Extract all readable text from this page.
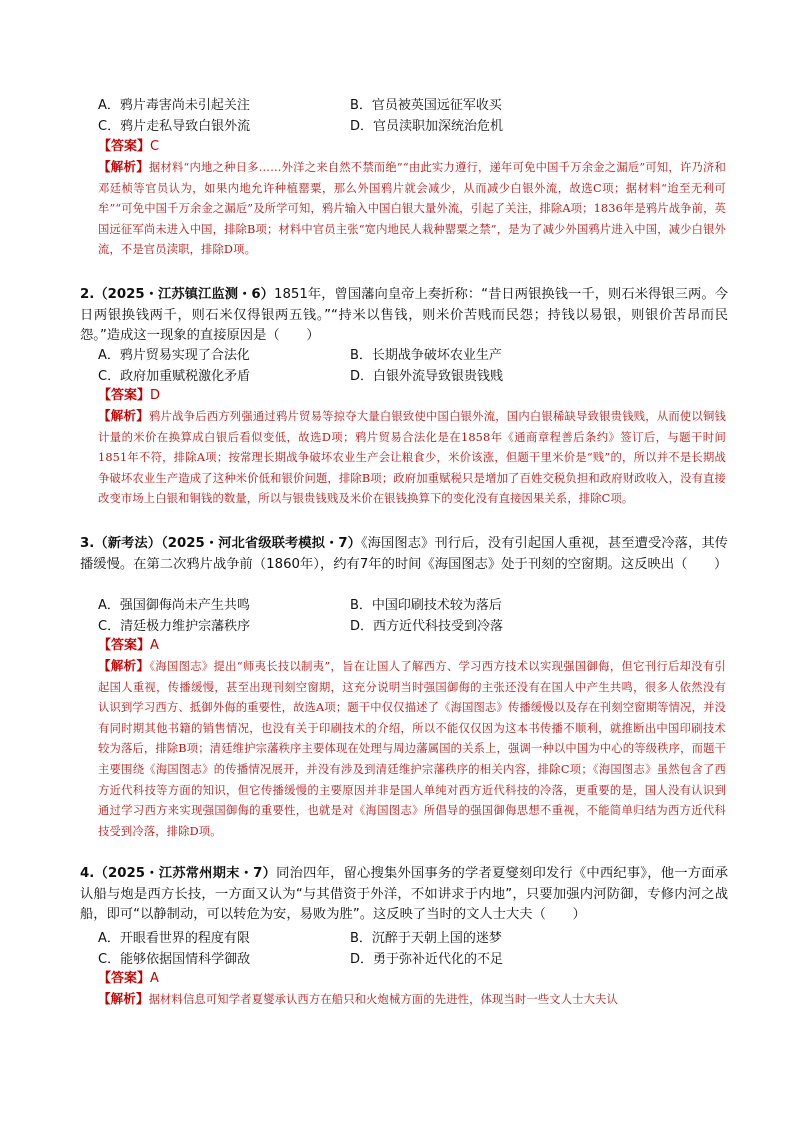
A．鸦片毒害尚未引起关注	B．官员被英国远征军收买
C．鸦片走私导致白银外流	D．官员渎职加深统治危机
【答案】C
【解析】据材料“内地之种日多……外洋之来自然不禁而绝”“由此实力遵行，递年可免中国千万余金之漏卮”可知，许乃济和邓廷桢等官员认为，如果内地允许种植罂粟，那么外国鸦片就会减少，从而减少白银外流，故选C项；据材料“迨至无利可牟”“可免中国千万余金之漏卮”及所学可知，鸦片输入中国白银大量外流，引起了关注，排除A项；1836年是鸦片战争前，英国远征军尚未进入中国，排除B项；材料中官员主张“宽内地民人栽种罂粟之禁”，是为了减少外国鸦片进入中国，减少白银外流，不是官员渎职，排除D项。
2.（2025・江苏镇江监测・6）1851年，曾国藩向皇帝上奏折称：“昔日两银换钱一千，则石米得银三两。今日两银换钱两千，则石米仅得银两五钱。”“持米以售钱，则米价苦贱而民怨；持钱以易银，则银价苦昂而民怨。”造成这一现象的直接原因是（　　）
A．鸦片贸易实现了合法化	B．长期战争破坏农业生产
C．政府加重赋税激化矛盾	D．白银外流导致银贵钱贱
【答案】D
【解析】鸦片战争后西方列强通过鸦片贸易等掠夺大量白银致使中国白银外流，国内白银稀缺导致银贵钱贱，从而使以铜钱计量的米价在换算成白银后看似变低，故选D项；鸦片贸易合法化是在1858年《通商章程善后条约》签订后，与题干时间1851年不符，排除A项；按常理长期战争破坏农业生产会让粮食少，米价该涨，但题干里米价是“贱”的，所以并不是长期战争破坏农业生产造成了这种米价低和银价问题，排除B项；政府加重赋税只是增加了百姓交税负担和政府财政收入，没有直接改变市场上白银和铜钱的数量，所以与银贵钱贱及米价在银钱换算下的变化没有直接因果关系，排除C项。
3.（新考法）（2025・河北省级联考模拟・7）《海国图志》刊行后，没有引起国人重视，甚至遭受冷落，其传播缓慢。在第二次鸦片战争前（1860年），约有7年的时间《海国图志》处于刊刻的空窗期。这反映出（　　）
A．强国御侮尚未产生共鸣	B．中国印刷技术较为落后
C．清廷极力维护宗藩秩序	D．西方近代科技受到冷落
【答案】A
【解析】《海国图志》提出“师夷长技以制夷”，旨在让国人了解西方、学习西方技术以实现强国御侮，但它刊行后却没有引起国人重视，传播缓慢，甚至出现刊刻空窗期，这充分说明当时强国御侮的主张还没有在国人中产生共鸣，很多人依然没有认识到学习西方、抵御外侮的重要性，故选A项；题干中仅仅描述了《海国图志》传播缓慢以及存在刊刻空窗期等情况，并没有同时期其他书籍的销售情况，也没有关于印刷技术的介绍，所以不能仅仅因为这本书传播不顺利，就推断出中国印刷技术较为落后，排除B项；清廷维护宗藩秩序主要体现在处理与周边藩属国的关系上，强调一种以中国为中心的等级秩序，而题干主要围绕《海国图志》的传播情况展开，并没有涉及到清廷维护宗藩秩序的相关内容，排除C项；《海国图志》虽然包含了西方近代科技等方面的知识，但它传播缓慢的主要原因并非是国人单纯对西方近代科技的冷落，更重要的是，国人没有认识到通过学习西方来实现强国御侮的重要性，也就是对《海国图志》所倡导的强国御侮思想不重视，不能简单归结为西方近代科技受到冷落，排除D项。
4.（2025・江苏常州期末・7）同治四年，留心搜集外国事务的学者夏燮刻印发行《中西纪事》，他一方面承认船与炮是西方长技，一方面又认为“与其借资于外洋，不如讲求于内地”，只要加强内河防御，专修内河之战船，即可“以静制动，可以转危为安，易败为胜”。这反映了当时的文人士大夫（　　）
A．开眼看世界的程度有限	B．沉醉于天朝上国的迷梦
C．能够依据国情科学御敌	D．勇于弥补近代化的不足
【答案】A
【解析】据材料信息可知学者夏燮承认西方在船只和火炮械方面的先进性，体现当时一些文人士大夫认
